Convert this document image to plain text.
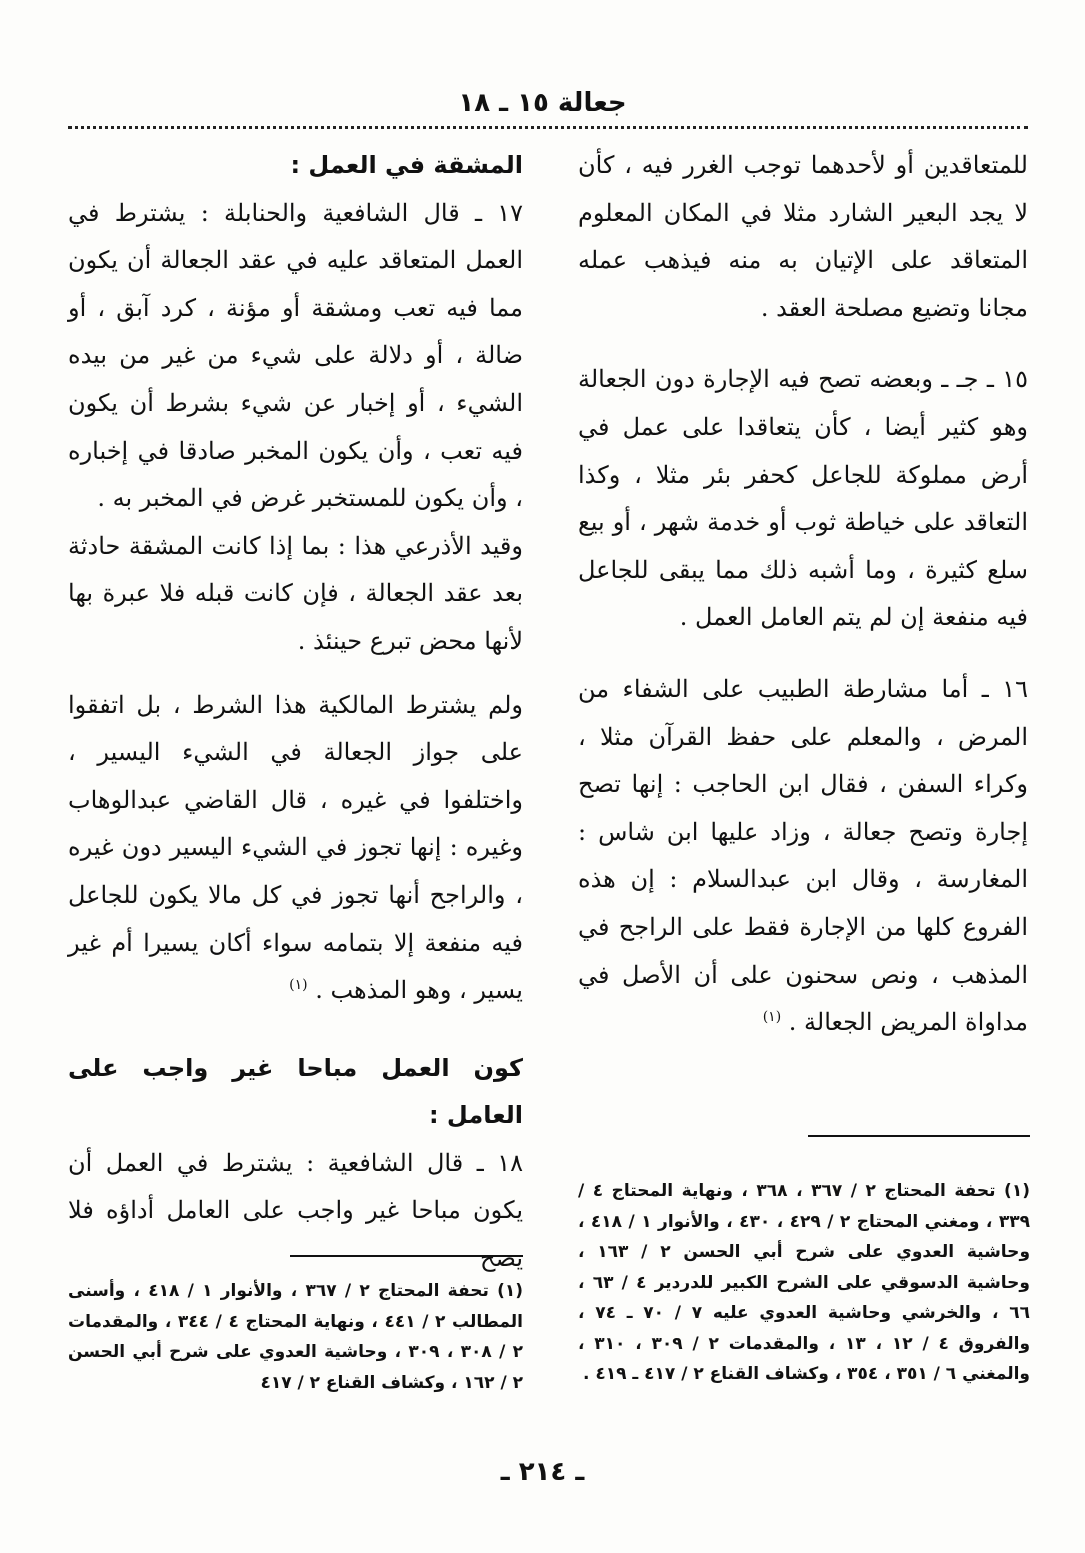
جعالة ١٥ ـ ١٨

للمتعاقدين أو لأحدهما توجب الغرر فيه ، كأن لا يجد البعير الشارد مثلا في المكان المعلوم المتعاقد على الإتيان به منه فيذهب عمله مجانا وتضيع مصلحة العقد .

١٥ ـ جـ ـ وبعضه تصح فيه الإجارة دون الجعالة وهو كثير أيضا ، كأن يتعاقدا على عمل في أرض مملوكة للجاعل كحفر بئر مثلا ، وكذا التعاقد على خياطة ثوب أو خدمة شهر ، أو بيع سلع كثيرة ، وما أشبه ذلك مما يبقى للجاعل فيه منفعة إن لم يتم العامل العمل .

١٦ ـ أما مشارطة الطبيب على الشفاء من المرض ، والمعلم على حفظ القرآن مثلا ، وكراء السفن ، فقال ابن الحاجب : إنها تصح إجارة وتصح جعالة ، وزاد عليها ابن شاس : المغارسة ، وقال ابن عبدالسلام : إن هذه الفروع كلها من الإجارة فقط على الراجح في المذهب ، ونص سحنون على أن الأصل في مداواة المريض الجعالة . $^{(١)}$

المشقة في العمل :

١٧ ـ قال الشافعية والحنابلة : يشترط في العمل المتعاقد عليه في عقد الجعالة أن يكون مما فيه تعب ومشقة أو مؤنة ، كرد آبق ، أو ضالة ، أو دلالة على شيء من غير من بيده الشيء ، أو إخبار عن شيء بشرط أن يكون فيه تعب ، وأن يكون المخبر صادقا في إخباره ، وأن يكون للمستخبر غرض في المخبر به .

وقيد الأذرعي هذا : بما إذا كانت المشقة حادثة بعد عقد الجعالة ، فإن كانت قبله فلا عبرة بها لأنها محض تبرع حينئذ .

ولم يشترط المالكية هذا الشرط ، بل اتفقوا على جواز الجعالة في الشيء اليسير ، واختلفوا في غيره ، قال القاضي عبدالوهاب وغيره : إنها تجوز في الشيء اليسير دون غيره ، والراجح أنها تجوز في كل مالا يكون للجاعل فيه منفعة إلا بتمامه سواء أكان يسيرا أم غير يسير ، وهو المذهب . $^{(١)}$

كون العمل مباحا غير واجب على العامل :

١٨ ـ قال الشافعية : يشترط في العمل أن يكون مباحا غير واجب على العامل أداؤه فلا يصح

(١) تحفة المحتاج ٢ / ٣٦٧ ، ٣٦٨ ، ونهاية المحتاج ٤ / ٣٣٩ ، ومغني المحتاج ٢ / ٤٢٩ ، ٤٣٠ ، والأنوار ١ / ٤١٨ ، وحاشية العدوي على شرح أبي الحسن ٢ / ١٦٣ ، وحاشية الدسوقي على الشرح الكبير للدردير ٤ / ٦٣ ، ٦٦ ، والخرشي وحاشية العدوي عليه ٧ / ٧٠ ـ ٧٤ ، والفروق ٤ / ١٢ ، ١٣ ، والمقدمات ٢ / ٣٠٩ ، ٣١٠ ، والمغني ٦ / ٣٥١ ، ٣٥٤ ، وكشاف القناع ٢ / ٤١٧ ـ ٤١٩ .

(١) تحفة المحتاج ٢ / ٣٦٧ ، والأنوار ١ / ٤١٨ ، وأسنى المطالب ٢ / ٤٤١ ، ونهاية المحتاج ٤ / ٣٤٤ ، والمقدمات ٢ / ٣٠٨ ، ٣٠٩ ، وحاشية العدوي على شرح أبي الحسن ٢ / ١٦٢ ، وكشاف القناع ٢ / ٤١٧

ـ ٢١٤ ـ
